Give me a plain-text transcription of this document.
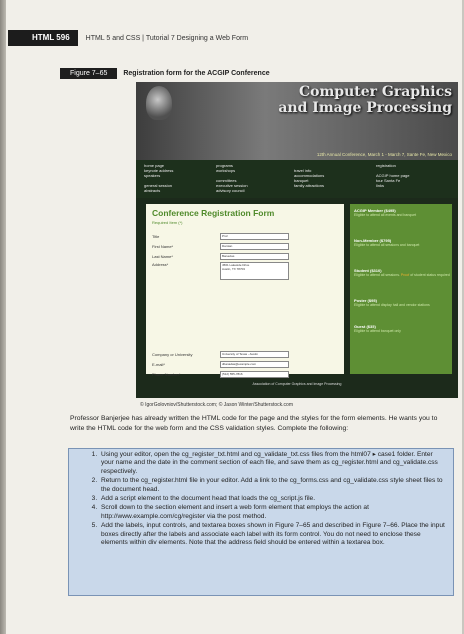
HTML 596	HTML 5 and CSS | Tutorial 7 Designing a Web Form
Figure 7–65	Registration form for the ACGIP Conference
Computer Graphics
and Image Processing
12th Annual Conference, March 1 - March 7, Sante Fe, New Mexico
home page
keynote address
speakers

general session
abstracts
programs
workshops

committees
executive session
advisory council
travel info
accommodations
banquet
family attractions
registration

ACGIP home page
tour Santa Fe
links
Conference Registration Form
Required Item (*)
Title	Prof.
First Name*	Damian
Last Name*	Banavias
Address*	4561 Lakeside Drive
Austin, TX 78703
Company or University	University of Texas - Austin
E-mail*	dbanadas@example.com
Phone Number*	(512) 555-7816
ACGIP Member ($495)
Eligible to attend all events and banquet
Non-Member ($795)
Eligible to attend all sessions and banquet
Student ($310)
Eligible to attend all sessions. Proof of student status required
Poster ($95)
Eligible to attend display hall and vendor stations
Guest ($35)
Eligible to attend banquet only
Association of Computer Graphics and Image Processing
© IgorGolovniov/Shutterstock.com; © Jason Winter/Shutterstock.com
Professor Banjerjee has already written the HTML code for the page and the styles for the form elements. He wants you to write the HTML code for the web form and the CSS validation styles. Complete the following:
1. Using your editor, open the cg_register_txt.html and cg_validate_txt.css files from the html07 ▸ case1 folder. Enter your name and the date in the comment section of each file, and save them as cg_register.html and cg_validate.css respectively.
2. Return to the cg_register.html file in your editor. Add a link to the cg_forms.css and cg_validate.css style sheet files to the document head.
3. Add a script element to the document head that loads the cg_script.js file.
4. Scroll down to the section element and insert a web form element that employs the action at http://www.example.com/cg/register via the post method.
5. Add the labels, input controls, and textarea boxes shown in Figure 7–65 and described in Figure 7–66. Place the input boxes directly after the labels and associate each label with its form control. You do not need to enclose these elements within div elements. Note that the address field should be entered within a textarea box.
